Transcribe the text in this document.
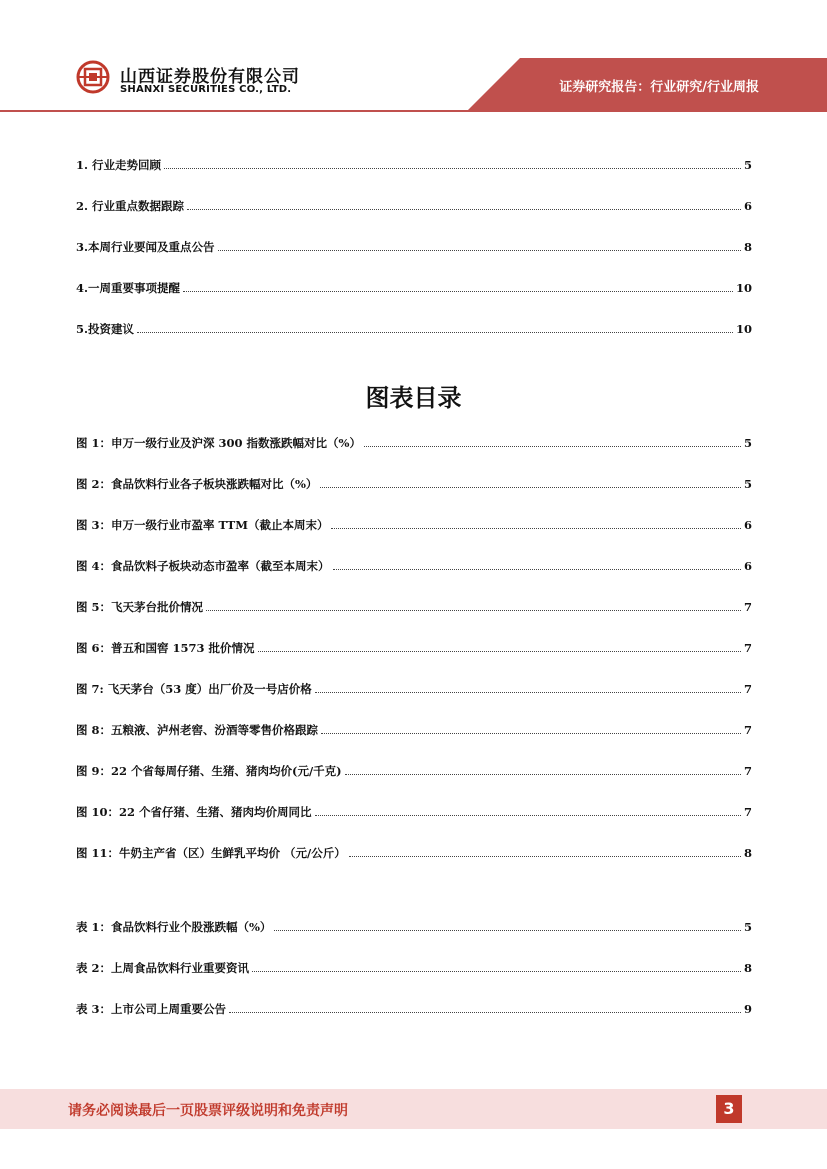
山西证券股份有限公司
SHANXI SECURITIES CO., LTD.	证券研究报告：行业研究/行业周报
1. 行业走势回顾	5
2. 行业重点数据跟踪	6
3.本周行业要闻及重点公告	8
4.一周重要事项提醒	10
5.投资建议	10
图表目录
图 1：申万一级行业及沪深 300 指数涨跌幅对比（%）	5
图 2：食品饮料行业各子板块涨跌幅对比（%）	5
图 3：申万一级行业市盈率 TTM（截止本周末）	6
图 4：食品饮料子板块动态市盈率（截至本周末）	6
图 5：飞天茅台批价情况	7
图 6：普五和国窖 1573 批价情况	7
图 7: 飞天茅台（53 度）出厂价及一号店价格	7
图 8：五粮液、泸州老窖、汾酒等零售价格跟踪	7
图 9：22 个省每周仔猪、生猪、猪肉均价(元/千克)	7
图 10：22 个省仔猪、生猪、猪肉均价周同比	7
图 11：牛奶主产省（区）生鲜乳平均价 （元/公斤）	8
表 1：食品饮料行业个股涨跌幅（%）	5
表 2：上周食品饮料行业重要资讯	8
表 3：上市公司上周重要公告	9
请务必阅读最后一页股票评级说明和免责声明	3
